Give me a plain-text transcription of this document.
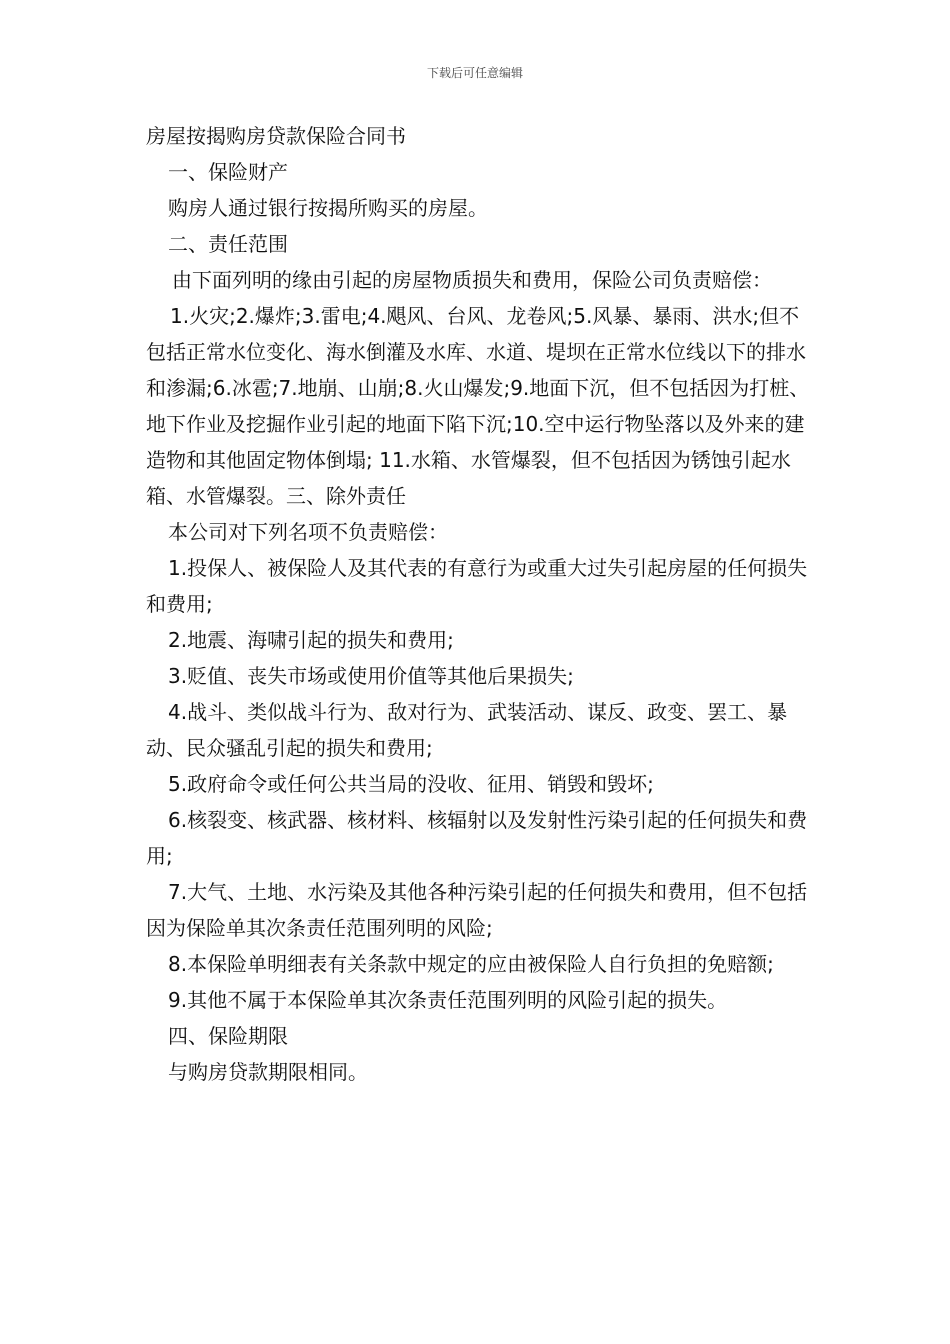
下载后可任意编辑

房屋按揭购房贷款保险合同书

一、保险财产

购房人通过银行按揭所购买的房屋。

二、责任范围

由下面列明的缘由引起的房屋物质损失和费用，保险公司负责赔偿：

1.火灾;2.爆炸;3.雷电;4.飓风、台风、龙卷风;5.风暴、暴雨、洪水;但不包括正常水位变化、海水倒灌及水库、水道、堤坝在正常水位线以下的排水和渗漏;6.冰雹;7.地崩、山崩;8.火山爆发;9.地面下沉，但不包括因为打桩、地下作业及挖掘作业引起的地面下陷下沉;10.空中运行物坠落以及外来的建造物和其他固定物体倒塌; 11.水箱、水管爆裂，但不包括因为锈蚀引起水箱、水管爆裂。三、除外责任

本公司对下列名项不负责赔偿：

1.投保人、被保险人及其代表的有意行为或重大过失引起房屋的任何损失和费用;

2.地震、海啸引起的损失和费用;

3.贬值、丧失市场或使用价值等其他后果损失;

4.战斗、类似战斗行为、敌对行为、武装活动、谋反、政变、罢工、暴动、民众骚乱引起的损失和费用;

5.政府命令或任何公共当局的没收、征用、销毁和毁坏;

6.核裂变、核武器、核材料、核辐射以及发射性污染引起的任何损失和费用;

7.大气、土地、水污染及其他各种污染引起的任何损失和费用，但不包括因为保险单其次条责任范围列明的风险;

8.本保险单明细表有关条款中规定的应由被保险人自行负担的免赔额;

9.其他不属于本保险单其次条责任范围列明的风险引起的损失。

四、保险期限

与购房贷款期限相同。
